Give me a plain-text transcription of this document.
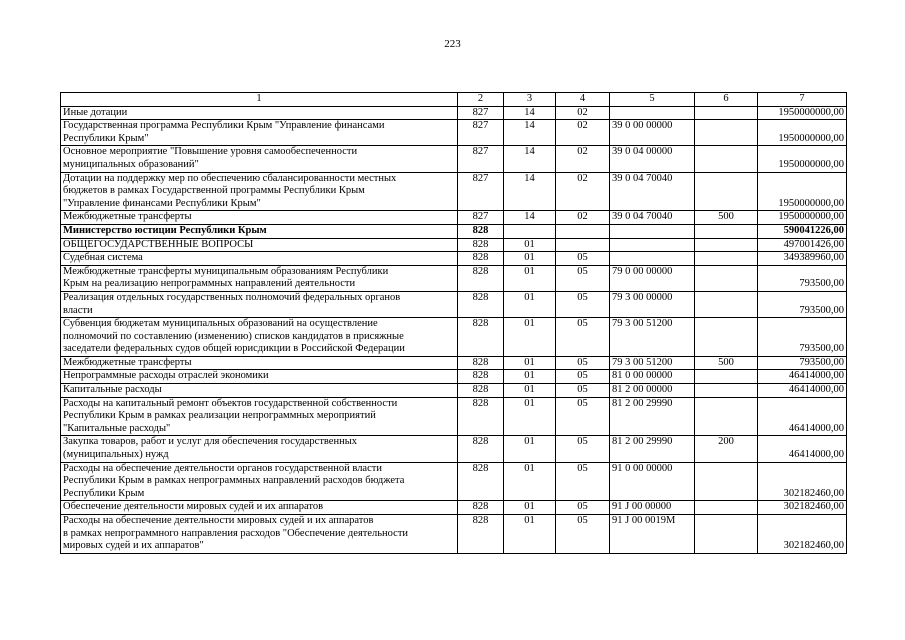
223
1	2	3	4	5	6	7
Иные дотации	827	14	02			1950000000,00
Государственная программа Республики Крым "Управление финансами
Республики Крым"	827	14	02	39 0 00 00000		1950000000,00
Основное мероприятие "Повышение уровня самообеспеченности
муниципальных образований"	827	14	02	39 0 04 00000		1950000000,00
Дотации на поддержку мер по обеспечению сбалансированности местных
бюджетов в рамках Государственной программы Республики Крым
"Управление финансами Республики Крым"	827	14	02	39 0 04 70040		1950000000,00
Межбюджетные трансферты	827	14	02	39 0 04 70040	500	1950000000,00
Министерство юстиции Республики Крым	828					590041226,00
ОБЩЕГОСУДАРСТВЕННЫЕ ВОПРОСЫ	828	01				497001426,00
Судебная система	828	01	05			349389960,00
Межбюджетные трансферты муниципальным образованиям Республики
Крым на реализацию непрограммных направлений деятельности	828	01	05	79 0 00 00000		793500,00
Реализация отдельных государственных полномочий федеральных органов
власти	828	01	05	79 3 00 00000		793500,00
Субвенция бюджетам муниципальных образований на осуществление
полномочий по составлению (изменению) списков кандидатов в присяжные
заседатели федеральных судов общей юрисдикции в Российской Федерации	828	01	05	79 3 00 51200		793500,00
Межбюджетные трансферты	828	01	05	79 3 00 51200	500	793500,00
Непрограммные расходы отраслей экономики	828	01	05	81 0 00 00000		46414000,00
Капитальные расходы	828	01	05	81 2 00 00000		46414000,00
Расходы на капитальный ремонт объектов государственной собственности
Республики Крым в рамках реализации непрограммных мероприятий
"Капитальные расходы"	828	01	05	81 2 00 29990		46414000,00
Закупка товаров, работ и услуг для обеспечения государственных
(муниципальных) нужд	828	01	05	81 2 00 29990	200	46414000,00
Расходы на обеспечение деятельности органов государственной власти
Республики Крым в рамках непрограммных направлений расходов бюджета
Республики Крым	828	01	05	91 0 00 00000		302182460,00
Обеспечение деятельности мировых судей и их аппаратов	828	01	05	91 J 00 00000		302182460,00
Расходы на обеспечение деятельности мировых судей и их аппаратов
в рамках непрограммного направления расходов "Обеспечение деятельности
мировых судей и их аппаратов"	828	01	05	91 J 00 0019M		302182460,00
